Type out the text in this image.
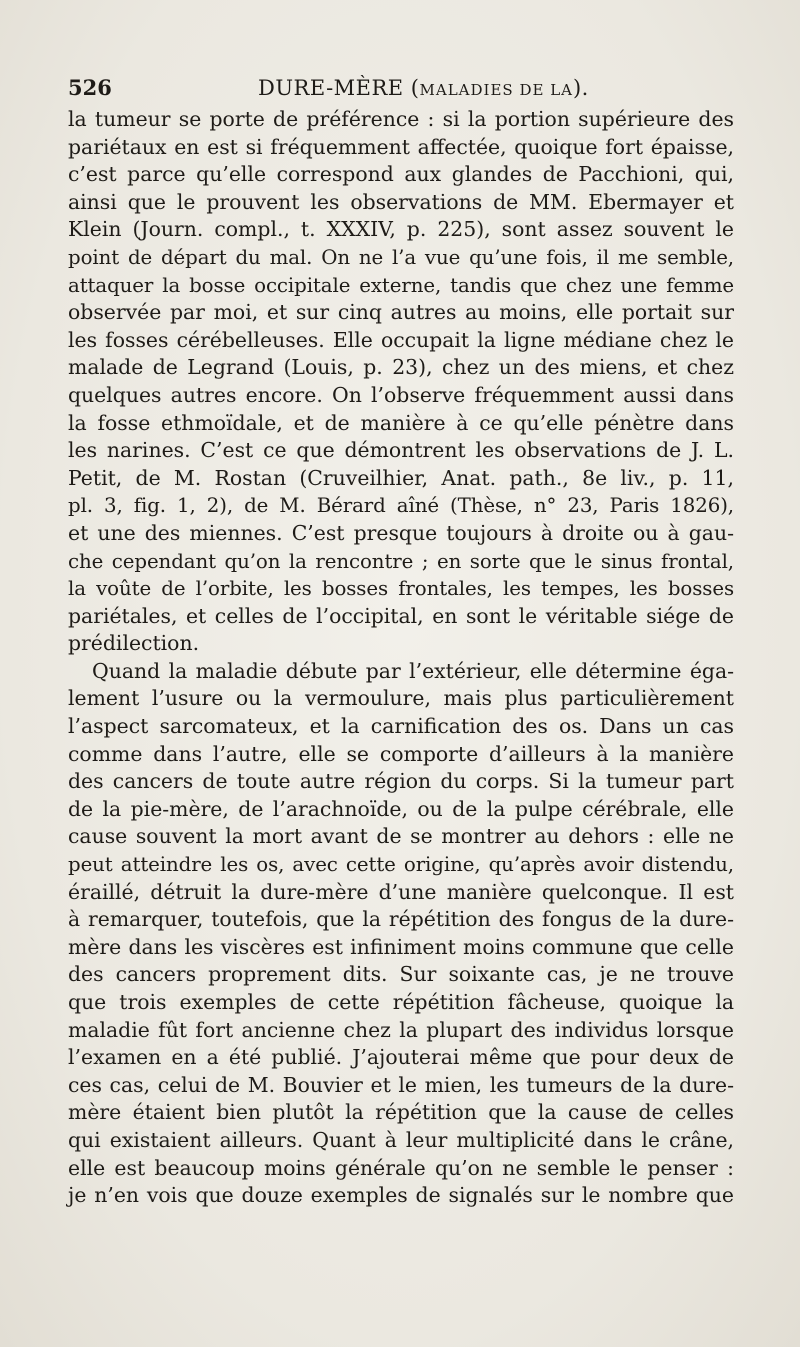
526	DURE-MÈRE (MALADIES DE LA).
la tumeur se porte de préférence : si la portion supérieure des
pariétaux en est si fréquemment affectée, quoique fort épaisse,
c’est parce qu’elle correspond aux glandes de Pacchioni, qui,
ainsi que le prouvent les observations de MM. Ebermayer et
Klein (Journ. compl., t. XXXIV, p. 225), sont assez souvent le
point de départ du mal. On ne l’a vue qu’une fois, il me semble,
attaquer la bosse occipitale externe, tandis que chez une femme
observée par moi, et sur cinq autres au moins, elle portait sur
les fosses cérébelleuses. Elle occupait la ligne médiane chez le
malade de Legrand (Louis, p. 23), chez un des miens, et chez
quelques autres encore. On l’observe fréquemment aussi dans
la fosse ethmoïdale, et de manière à ce qu’elle pénètre dans
les narines. C’est ce que démontrent les observations de J. L.
Petit, de M. Rostan (Cruveilhier, Anat. path., 8e liv., p. 11,
pl. 3, fig. 1, 2), de M. Bérard aîné (Thèse, n° 23, Paris 1826),
et une des miennes. C’est presque toujours à droite ou à gau-
che cependant qu’on la rencontre ; en sorte que le sinus frontal,
la voûte de l’orbite, les bosses frontales, les tempes, les bosses
pariétales, et celles de l’occipital, en sont le véritable siége de
prédilection.
Quand la maladie débute par l’extérieur, elle détermine éga-
lement l’usure ou la vermoulure, mais plus particulièrement
l’aspect sarcomateux, et la carnification des os. Dans un cas
comme dans l’autre, elle se comporte d’ailleurs à la manière
des cancers de toute autre région du corps. Si la tumeur part
de la pie-mère, de l’arachnoïde, ou de la pulpe cérébrale, elle
cause souvent la mort avant de se montrer au dehors : elle ne
peut atteindre les os, avec cette origine, qu’après avoir distendu,
éraillé, détruit la dure-mère d’une manière quelconque. Il est
à remarquer, toutefois, que la répétition des fongus de la dure-
mère dans les viscères est infiniment moins commune que celle
des cancers proprement dits. Sur soixante cas, je ne trouve
que trois exemples de cette répétition fâcheuse, quoique la
maladie fût fort ancienne chez la plupart des individus lorsque
l’examen en a été publié. J’ajouterai même que pour deux de
ces cas, celui de M. Bouvier et le mien, les tumeurs de la dure-
mère étaient bien plutôt la répétition que la cause de celles
qui existaient ailleurs. Quant à leur multiplicité dans le crâne,
elle est beaucoup moins générale qu’on ne semble le penser :
je n’en vois que douze exemples de signalés sur le nombre que
